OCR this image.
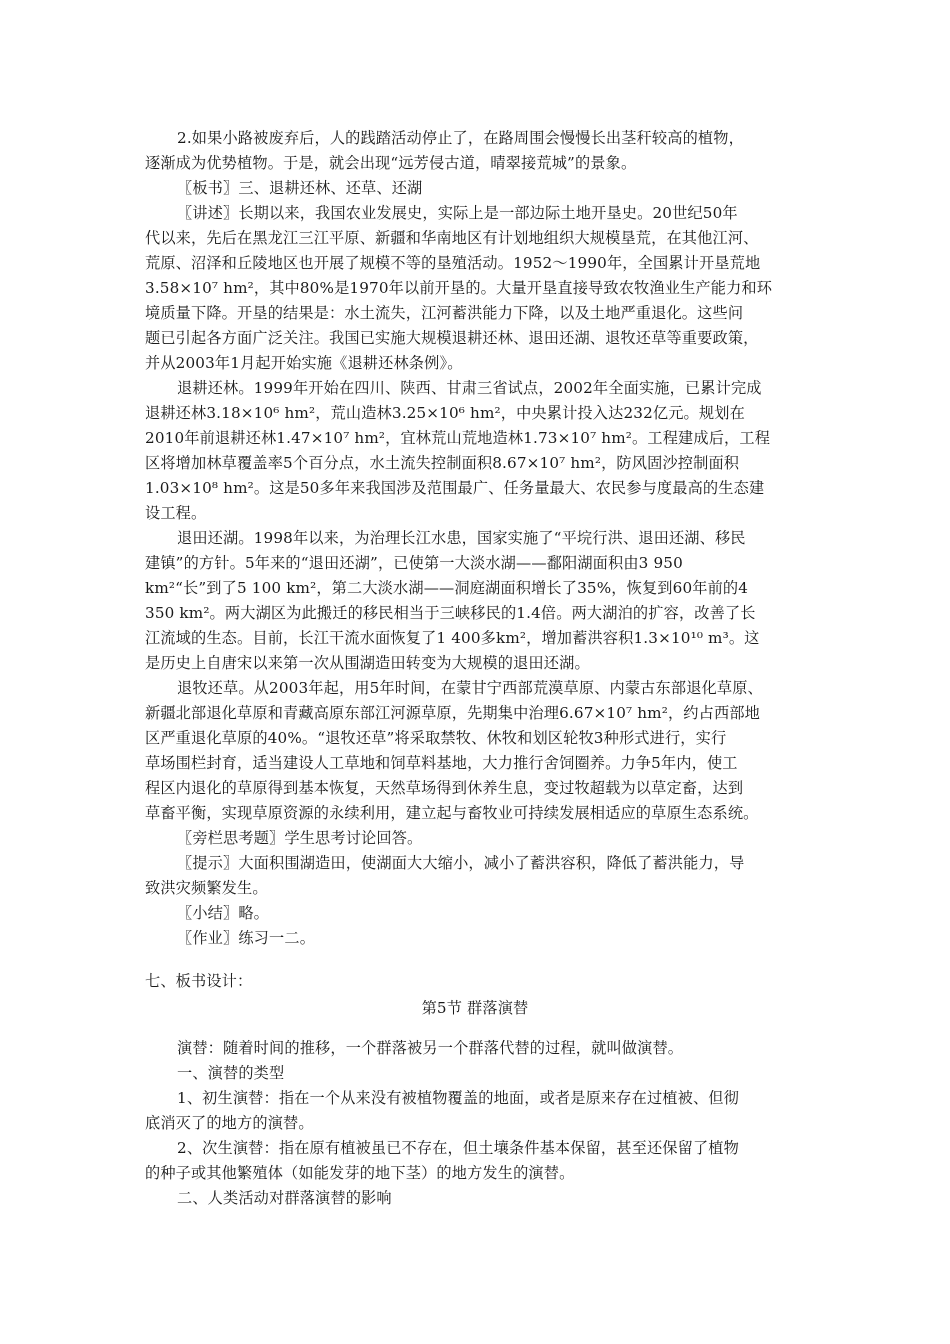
2.如果小路被废弃后，人的践踏活动停止了，在路周围会慢慢长出茎秆较高的植物，
逐渐成为优势植物。于是，就会出现“远芳侵古道，晴翠接荒城”的景象。
〖板书〗三、退耕还林、还草、还湖
〖讲述〗长期以来，我国农业发展史，实际上是一部边际土地开垦史。20世纪50年
代以来，先后在黑龙江三江平原、新疆和华南地区有计划地组织大规模垦荒，在其他江河、
荒原、沼泽和丘陵地区也开展了规模不等的垦殖活动。1952～1990年，全国累计开垦荒地
3.58×10⁷ hm²，其中80%是1970年以前开垦的。大量开垦直接导致农牧渔业生产能力和环
境质量下降。开垦的结果是：水土流失，江河蓄洪能力下降，以及土地严重退化。这些问
题已引起各方面广泛关注。我国已实施大规模退耕还林、退田还湖、退牧还草等重要政策，
并从2003年1月起开始实施《退耕还林条例》。
退耕还林。1999年开始在四川、陕西、甘肃三省试点，2002年全面实施，已累计完成
退耕还林3.18×10⁶ hm²，荒山造林3.25×10⁶ hm²，中央累计投入达232亿元。规划在
2010年前退耕还林1.47×10⁷ hm²，宜林荒山荒地造林1.73×10⁷ hm²。工程建成后，工程
区将增加林草覆盖率5个百分点，水土流失控制面积8.67×10⁷ hm²，防风固沙控制面积
1.03×10⁸ hm²。这是50多年来我国涉及范围最广、任务量最大、农民参与度最高的生态建
设工程。
退田还湖。1998年以来，为治理长江水患，国家实施了“平垸行洪、退田还湖、移民
建镇”的方针。5年来的“退田还湖”，已使第一大淡水湖——鄱阳湖面积由3 950
km²“长”到了5 100 km²，第二大淡水湖——洞庭湖面积增长了35%，恢复到60年前的4
350 km²。两大湖区为此搬迁的移民相当于三峡移民的1.4倍。两大湖泊的扩容，改善了长
江流域的生态。目前，长江干流水面恢复了1 400多km²，增加蓄洪容积1.3×10¹⁰ m³。这
是历史上自唐宋以来第一次从围湖造田转变为大规模的退田还湖。
退牧还草。从2003年起，用5年时间，在蒙甘宁西部荒漠草原、内蒙古东部退化草原、
新疆北部退化草原和青藏高原东部江河源草原，先期集中治理6.67×10⁷ hm²，约占西部地
区严重退化草原的40%。“退牧还草”将采取禁牧、休牧和划区轮牧3种形式进行，实行
草场围栏封育，适当建设人工草地和饲草料基地，大力推行舍饲圈养。力争5年内，使工
程区内退化的草原得到基本恢复，天然草场得到休养生息，变过牧超载为以草定畜，达到
草畜平衡，实现草原资源的永续利用，建立起与畜牧业可持续发展相适应的草原生态系统。
〖旁栏思考题〗学生思考讨论回答。
〖提示〗大面积围湖造田，使湖面大大缩小，减小了蓄洪容积，降低了蓄洪能力，导
致洪灾频繁发生。
〖小结〗略。
〖作业〗练习一二。
七、板书设计：
第5节 群落演替
演替：随着时间的推移，一个群落被另一个群落代替的过程，就叫做演替。
一、演替的类型
1、初生演替：指在一个从来没有被植物覆盖的地面，或者是原来存在过植被、但彻
底消灭了的地方的演替。
2、次生演替：指在原有植被虽已不存在，但土壤条件基本保留，甚至还保留了植物
的种子或其他繁殖体（如能发芽的地下茎）的地方发生的演替。
二、人类活动对群落演替的影响
